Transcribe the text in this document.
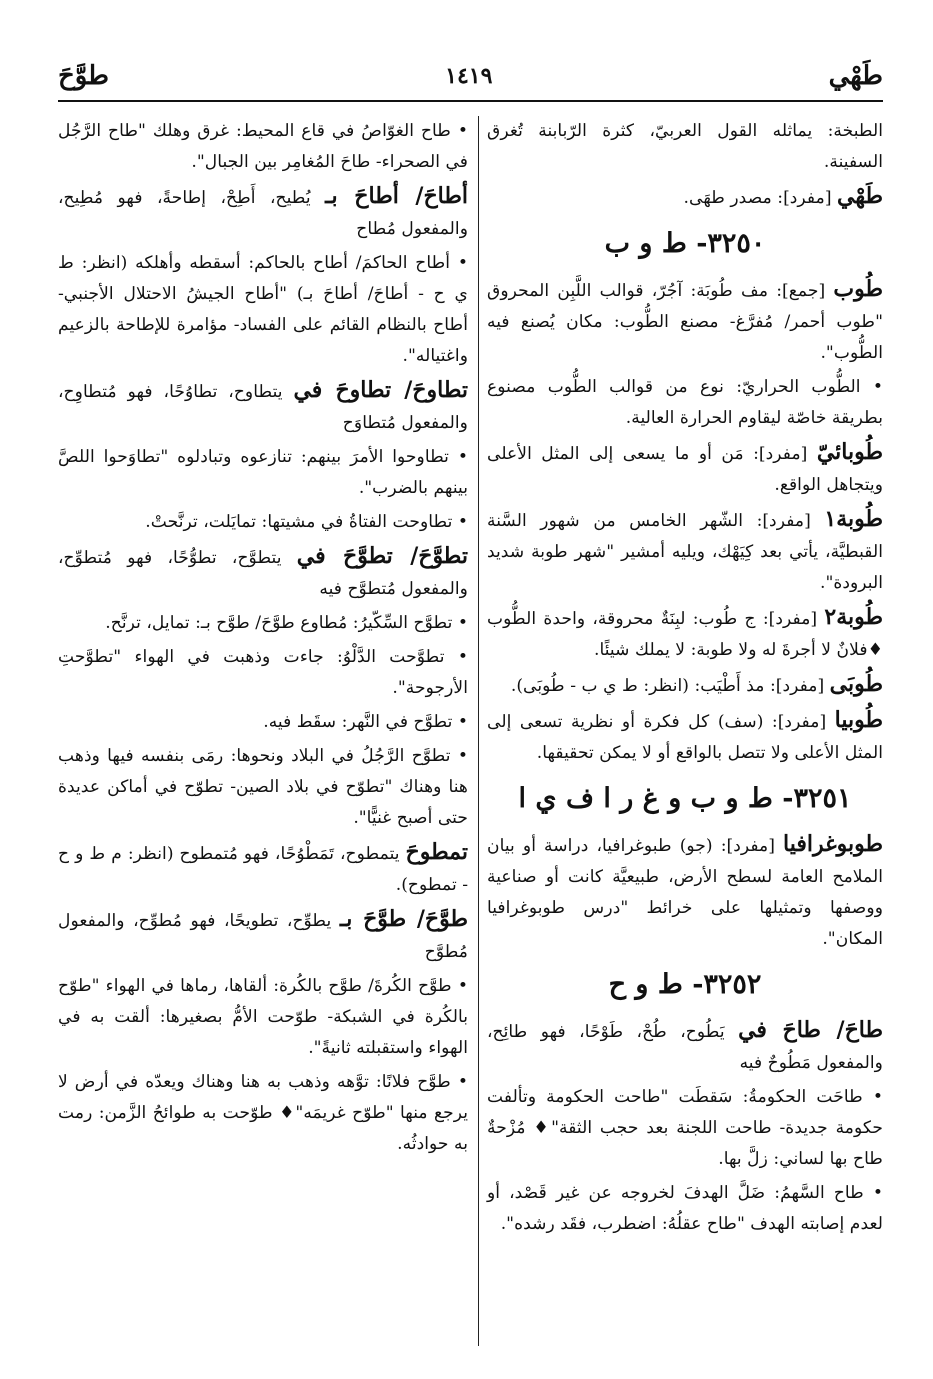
طَهْي
١٤١٩
طوَّحَ

الطبخة: يماثله القول العربيّ، كثرة الرّبابنة تُغرق السفينة.

طَهْي [مفرد]: مصدر طهَى.

٣٢٥٠- ط و ب

طُوب [جمع]: مف طُوبَة: آجُرّ، قوالب اللَّبِن المحروق "طوب أحمر/ مُفرَّغ- مصنع الطُّوب: مكان يُصنع فيه الطُّوب".

• الطُّوب الحراريّ: نوع من قوالب الطُّوب مصنوع بطريقة خاصّة ليقاوم الحرارة العالية.

طُوبائيّ [مفرد]: مَن أو ما يسعى إلى المثل الأعلى ويتجاهل الواقع.

طُوبة١ [مفرد]: الشّهر الخامس من شهور السَّنة القبطيَّة، يأتي بعد كِيَهْك، ويليه أمشير "شهر طوبة شديد البرودة".

طُوبة٢ [مفرد]: ج طُوب: لبِنَةٌ محروقة، واحدة الطُّوب ♦فلانٌ لا أجرةَ له ولا طوبة: لا يملك شيئًا.

طُوبَى [مفرد]: مذ أَطْيَب: (انظر: ط ي ب - طُوبَى).

طُوبيا [مفرد]: (سف) كل فكرة أو نظرية تسعى إلى المثل الأعلى ولا تتصل بالواقع أو لا يمكن تحقيقها.

٣٢٥١- ط و ب و غ ر ا ف ي ا

طوبوغرافيا [مفرد]: (جو) طبوغرافيا، دراسة أو بيان الملامح العامة لسطح الأرض، طبيعيَّة كانت أو صناعية ووصفها وتمثيلها على خرائط "درس طوبوغرافيا المكان".

٣٢٥٢- ط و ح

طاحَ/ طاحَ في يَطُوح، طُحْ، طَوْحًا، فهو طائِح، والمفعول مَطُوحٌ فيه

• طاحَت الحكومةُ: سَقطَت "طاحت الحكومة وتألفت حكومة جديدة- طاحت اللجنة بعد حجب الثقة"♦ مُزْحةٌ طاح بها لساني: زلَّ بها.

• طاح السَّهمُ: ضَلَّ الهدفَ لخروجه عن غير قَصْد، أو لعدم إصابته الهدف "طاح عقلُهُ: اضطرب، فقَد رشده".

• طاح الغوّاصُ في قاع المحيط: غرق وهلك "طاح الرَّجُل في الصحراء- طاحَ المُغامِر بين الجبال".

أطاحَ/ أطاحَ بـ يُطيح، أَطِحْ، إطاحةً، فهو مُطِيح، والمفعول مُطاح

• أطاح الحاكمَ/ أطاح بالحاكم: أسقطه وأهلكه (انظر: ط ي ح - أطاحَ/ أطاحَ بـ) "أطاح الجيشُ الاحتلال الأجنبي- أطاح بالنظام القائم على الفساد- مؤامرة للإطاحة بالزعيم واغتياله".

تطاوحَ/ تطاوحَ في يتطاوح، تطاوُحًا، فهو مُتطاوِح، والمفعول مُتطاوَح

• تطاوحوا الأمرَ بينهم: تنازعوه وتبادلوه "تطاوَحوا اللصَّ بينهم بالضرب".

• تطاوحت الفتاةُ في مشيتها: تمايَلت، ترنَّحتْ.

تطوَّحَ/ تطوَّحَ في يتطوَّح، تطوُّحًا، فهو مُتطوِّح، والمفعول مُتطوَّح فيه

• تطوَّح السِّكّيرُ: مُطاوع طوَّحَ/ طوَّح بـ: تمايل، ترنَّح.

• تطوَّحت الدَّلْوُ: جاءت وذهبت في الهواء "تطوَّحتِ الأرجوحة".

• تطوَّح في النَّهر: سقَط فيه.

• تطوَّح الرَّجُلُ في البلاد ونحوها: رمَى بنفسه فيها وذهب هنا وهناك "تطوّح في بلاد الصين- تطوّح في أماكن عديدة حتى أصبح غنيًّا".

تمطوحَ يتمطوح، تَمَطْوُحًا، فهو مُتمطوح (انظر: م ط و ح - تمطوح).

طوَّحَ/ طوَّحَ بـ يطوِّح، تطويحًا، فهو مُطوِّح، والمفعول مُطوَّح

• طوَّح الكُرةَ/ طوَّح بالكُرة: ألقاها، رماها في الهواء "طوّح بالكُرة في الشبكة- طوّحت الأمُّ بصغيرها: ألقت به في الهواء واستقبلته ثانيةً".

• طوَّح فلانًا: توَّهه وذهب به هنا وهناك ويعدّه في أرض لا يرجع منها "طوّح غريمَه"♦ طوّحت به طوائحُ الزَّمن: رمت به حوادثُه.
